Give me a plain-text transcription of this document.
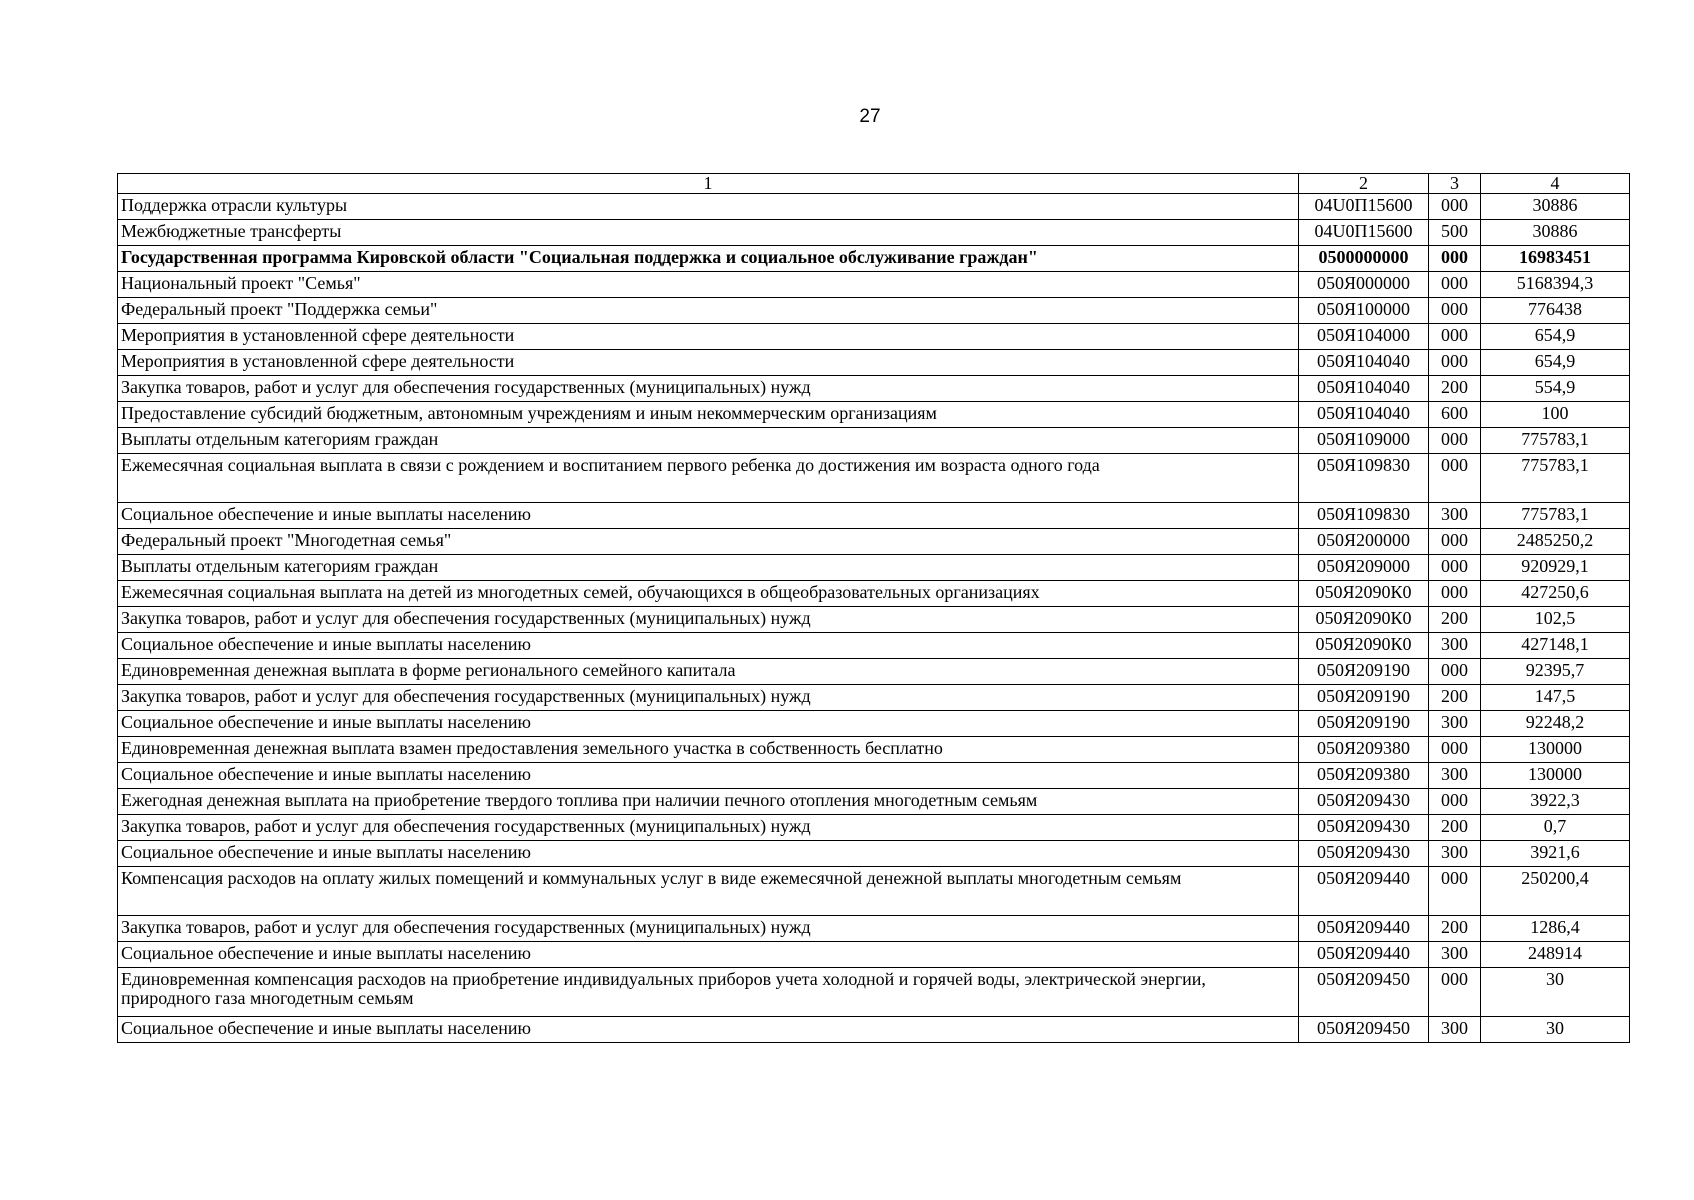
27
1	2	3	4
Поддержка отрасли культуры	04U0П15600	000	30886
Межбюджетные трансферты	04U0П15600	500	30886
Государственная программа Кировской области "Социальная поддержка и социальное обслуживание граждан"	0500000000	000	16983451
Национальный проект "Семья"	050Я000000	000	5168394,3
Федеральный проект "Поддержка семьи"	050Я100000	000	776438
Мероприятия в установленной сфере деятельности	050Я104000	000	654,9
Мероприятия в установленной сфере деятельности	050Я104040	000	654,9
Закупка товаров, работ и услуг для обеспечения государственных (муниципальных) нужд	050Я104040	200	554,9
Предоставление субсидий бюджетным, автономным учреждениям и иным некоммерческим организациям	050Я104040	600	100
Выплаты отдельным категориям граждан	050Я109000	000	775783,1
Ежемесячная социальная выплата в связи с рождением и воспитанием первого ребенка до достижения им возраста одного года	050Я109830	000	775783,1
Социальное обеспечение и иные выплаты населению	050Я109830	300	775783,1
Федеральный проект "Многодетная семья"	050Я200000	000	2485250,2
Выплаты отдельным категориям граждан	050Я209000	000	920929,1
Ежемесячная социальная выплата на детей из многодетных семей, обучающихся в общеобразовательных организациях	050Я2090К0	000	427250,6
Закупка товаров, работ и услуг для обеспечения государственных (муниципальных) нужд	050Я2090К0	200	102,5
Социальное обеспечение и иные выплаты населению	050Я2090К0	300	427148,1
Единовременная денежная выплата в форме регионального семейного капитала	050Я209190	000	92395,7
Закупка товаров, работ и услуг для обеспечения государственных (муниципальных) нужд	050Я209190	200	147,5
Социальное обеспечение и иные выплаты населению	050Я209190	300	92248,2
Единовременная денежная выплата взамен предоставления земельного участка в собственность бесплатно	050Я209380	000	130000
Социальное обеспечение и иные выплаты населению	050Я209380	300	130000
Ежегодная денежная выплата на приобретение твердого топлива при наличии печного отопления многодетным семьям	050Я209430	000	3922,3
Закупка товаров, работ и услуг для обеспечения государственных (муниципальных) нужд	050Я209430	200	0,7
Социальное обеспечение и иные выплаты населению	050Я209430	300	3921,6
Компенсация расходов на оплату жилых помещений и коммунальных услуг в виде ежемесячной денежной выплаты многодетным семьям	050Я209440	000	250200,4
Закупка товаров, работ и услуг для обеспечения государственных (муниципальных) нужд	050Я209440	200	1286,4
Социальное обеспечение и иные выплаты населению	050Я209440	300	248914
Единовременная компенсация расходов на приобретение индивидуальных приборов учета холодной и горячей воды, электрической энергии, природного газа многодетным семьям	050Я209450	000	30
Социальное обеспечение и иные выплаты населению	050Я209450	300	30
